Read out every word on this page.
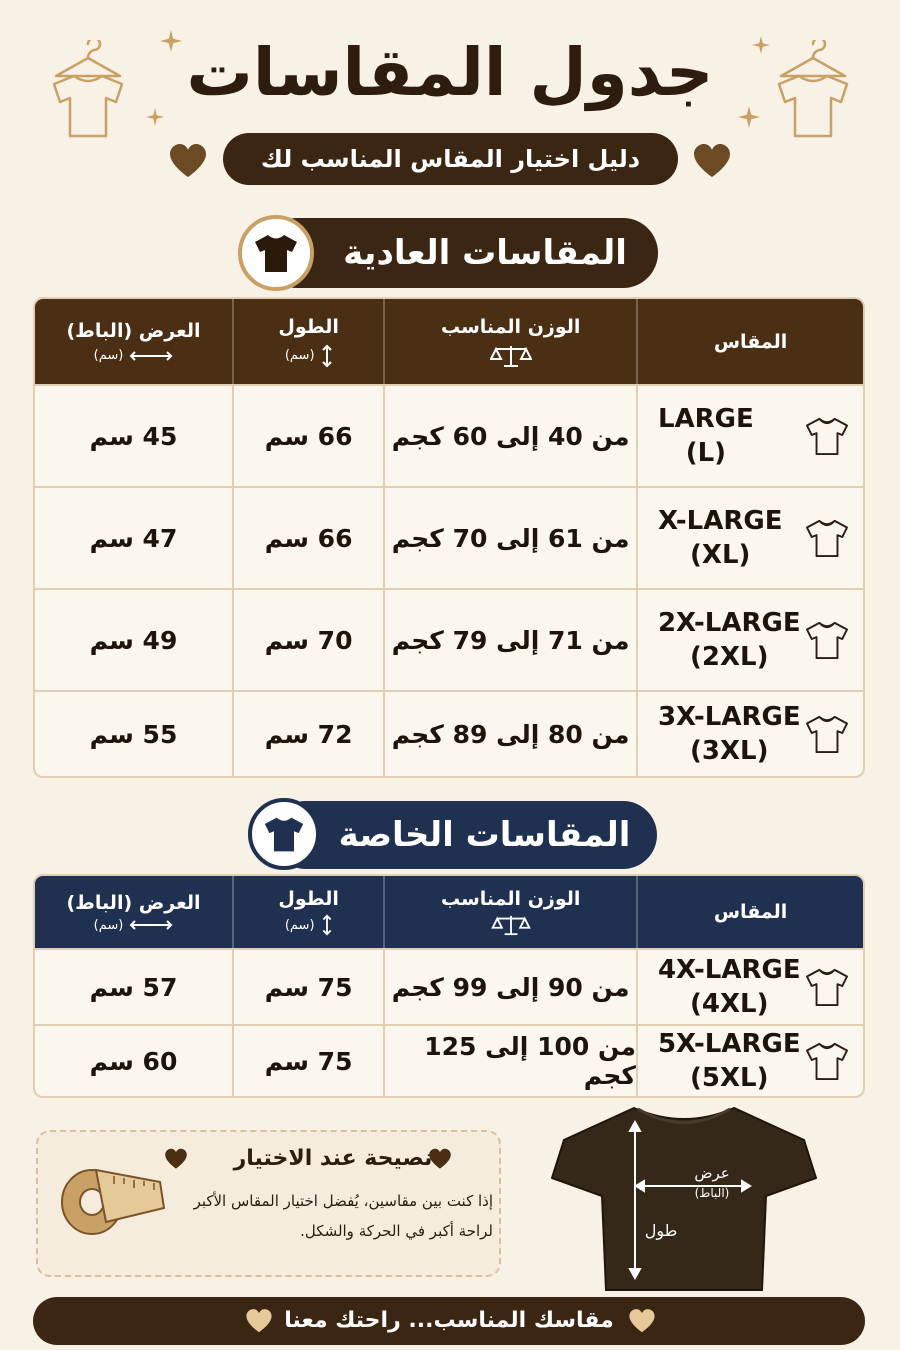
جدول المقاسات
دليل اختيار المقاس المناسب لك
المقاسات العادية
المقاس
الوزن المناسب
الطول
(سم)
العرض (الباط)
(سم)
LARGE
(L)
من 40 إلى 60 كجم
66 سم
45 سم
X-LARGE
(XL)
من 61 إلى 70 كجم
66 سم
47 سم
2X-LARGE
(2XL)
من 71 إلى 79 كجم
70 سم
49 سم
3X-LARGE
(3XL)
من 80 إلى 89 كجم
72 سم
55 سم
المقاسات الخاصة
المقاس
الوزن المناسب
الطول
(سم)
العرض (الباط)
(سم)
4X-LARGE
(4XL)
من 90 إلى 99 كجم
75 سم
57 سم
5X-LARGE
(5XL)
من 100 إلى 125 كجم
75 سم
60 سم
نصيحة عند الاختيار
إذا كنت بين مقاسين، يُفضل اختيار المقاس الأكبر
لراحة أكبر في الحركة والشكل.
عرض
(الباط)
طول
مقاسك المناسب... راحتك معنا
